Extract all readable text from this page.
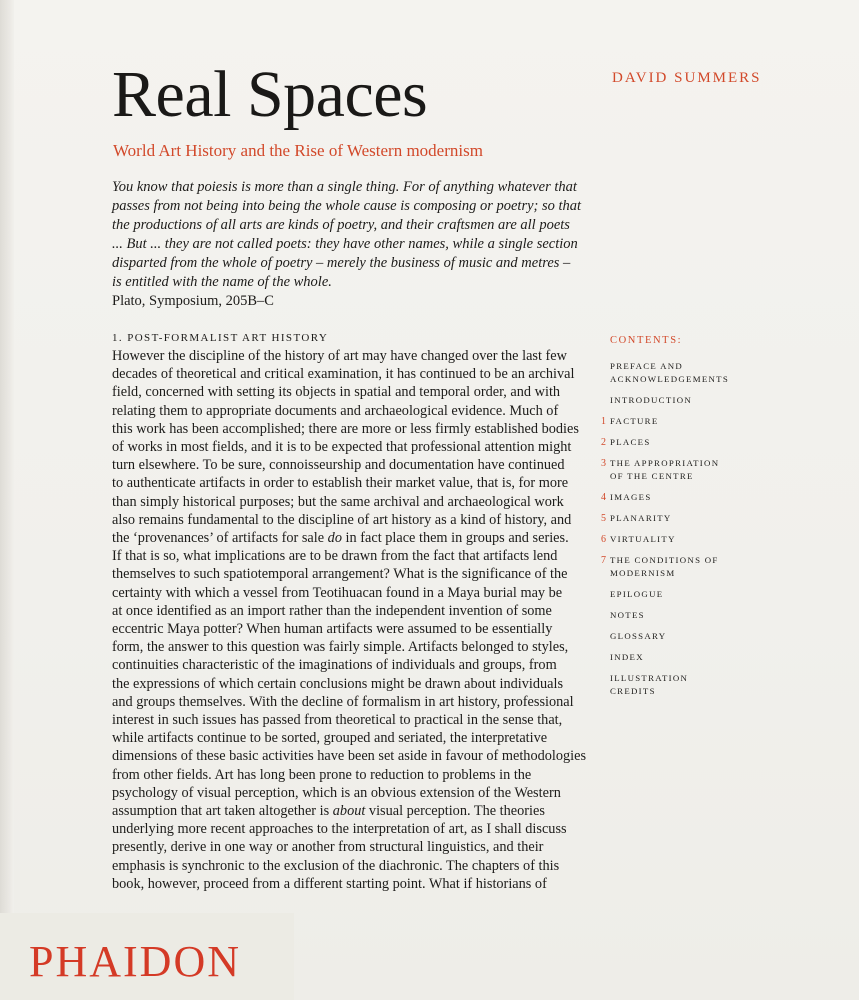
DAVID SUMMERS
Real Spaces
World Art History and the Rise of Western modernism
You know that poiesis is more than a single thing. For of anything whatever that
passes from not being into being the whole cause is composing or poetry; so that
the productions of all arts are kinds of poetry, and their craftsmen are all poets
... But ... they are not called poets: they have other names, while a single section
disparted from the whole of poetry – merely the business of music and metres –
is entitled with the name of the whole.
Plato, Symposium, 205B–C
1. POST-FORMALIST ART HISTORY
However the discipline of the history of art may have changed over the last few
decades of theoretical and critical examination, it has continued to be an archival
field, concerned with setting its objects in spatial and temporal order, and with
relating them to appropriate documents and archaeological evidence. Much of
this work has been accomplished; there are more or less firmly established bodies
of works in most fields, and it is to be expected that professional attention might
turn elsewhere. To be sure, connoisseurship and documentation have continued
to authenticate artifacts in order to establish their market value, that is, for more
than simply historical purposes; but the same archival and archaeological work
also remains fundamental to the discipline of art history as a kind of history, and
the ‘provenances’ of artifacts for sale do in fact place them in groups and series.
If that is so, what implications are to be drawn from the fact that artifacts lend
themselves to such spatiotemporal arrangement? What is the significance of the
certainty with which a vessel from Teotihuacan found in a Maya burial may be
at once identified as an import rather than the independent invention of some
eccentric Maya potter? When human artifacts were assumed to be essentially
form, the answer to this question was fairly simple. Artifacts belonged to styles,
continuities characteristic of the imaginations of individuals and groups, from
the expressions of which certain conclusions might be drawn about individuals
and groups themselves. With the decline of formalism in art history, professional
interest in such issues has passed from theoretical to practical in the sense that,
while artifacts continue to be sorted, grouped and seriated, the interpretative
dimensions of these basic activities have been set aside in favour of methodologies
from other fields. Art has long been prone to reduction to problems in the
psychology of visual perception, which is an obvious extension of the Western
assumption that art taken altogether is about visual perception. The theories
underlying more recent approaches to the interpretation of art, as I shall discuss
presently, derive in one way or another from structural linguistics, and their
emphasis is synchronic to the exclusion of the diachronic. The chapters of this
book, however, proceed from a different starting point. What if historians of
CONTENTS:
PREFACE AND
ACKNOWLEDGEMENTS
INTRODUCTION
1 FACTURE
2 PLACES
3 THE APPROPRIATION
OF THE CENTRE
4 IMAGES
5 PLANARITY
6 VIRTUALITY
7 THE CONDITIONS OF
MODERNISM
EPILOGUE
NOTES
GLOSSARY
INDEX
ILLUSTRATION
CREDITS
PHAIDON
